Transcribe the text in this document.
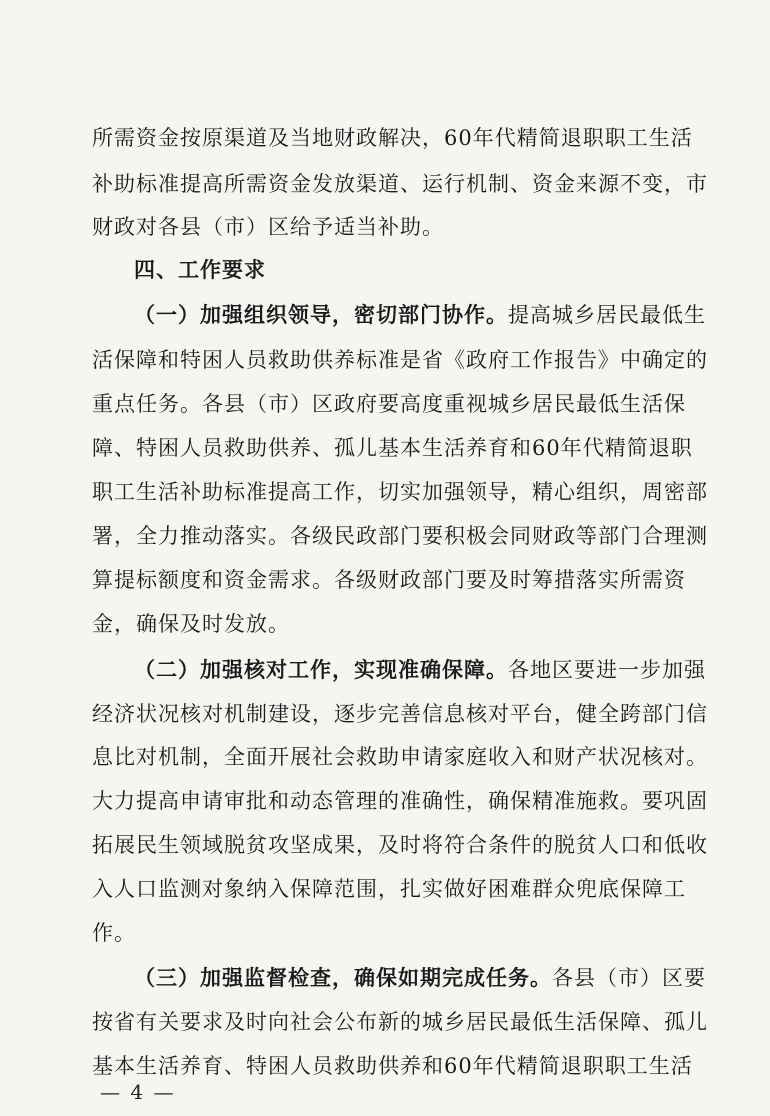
所需资金按原渠道及当地财政解决，60年代精简退职职工生活
补助标准提高所需资金发放渠道、运行机制、资金来源不变，市
财政对各县（市）区给予适当补助。
四、工作要求
（一）加强组织领导，密切部门协作。提高城乡居民最低生
活保障和特困人员救助供养标准是省《政府工作报告》中确定的
重点任务。各县（市）区政府要高度重视城乡居民最低生活保
障、特困人员救助供养、孤儿基本生活养育和60年代精简退职
职工生活补助标准提高工作，切实加强领导，精心组织，周密部
署，全力推动落实。各级民政部门要积极会同财政等部门合理测
算提标额度和资金需求。各级财政部门要及时筹措落实所需资
金，确保及时发放。
（二）加强核对工作，实现准确保障。各地区要进一步加强
经济状况核对机制建设，逐步完善信息核对平台，健全跨部门信
息比对机制，全面开展社会救助申请家庭收入和财产状况核对。
大力提高申请审批和动态管理的准确性，确保精准施救。要巩固
拓展民生领域脱贫攻坚成果，及时将符合条件的脱贫人口和低收
入人口监测对象纳入保障范围，扎实做好困难群众兜底保障工
作。
（三）加强监督检查，确保如期完成任务。各县（市）区要
按省有关要求及时向社会公布新的城乡居民最低生活保障、孤儿
基本生活养育、特困人员救助供养和60年代精简退职职工生活
— 4 —
